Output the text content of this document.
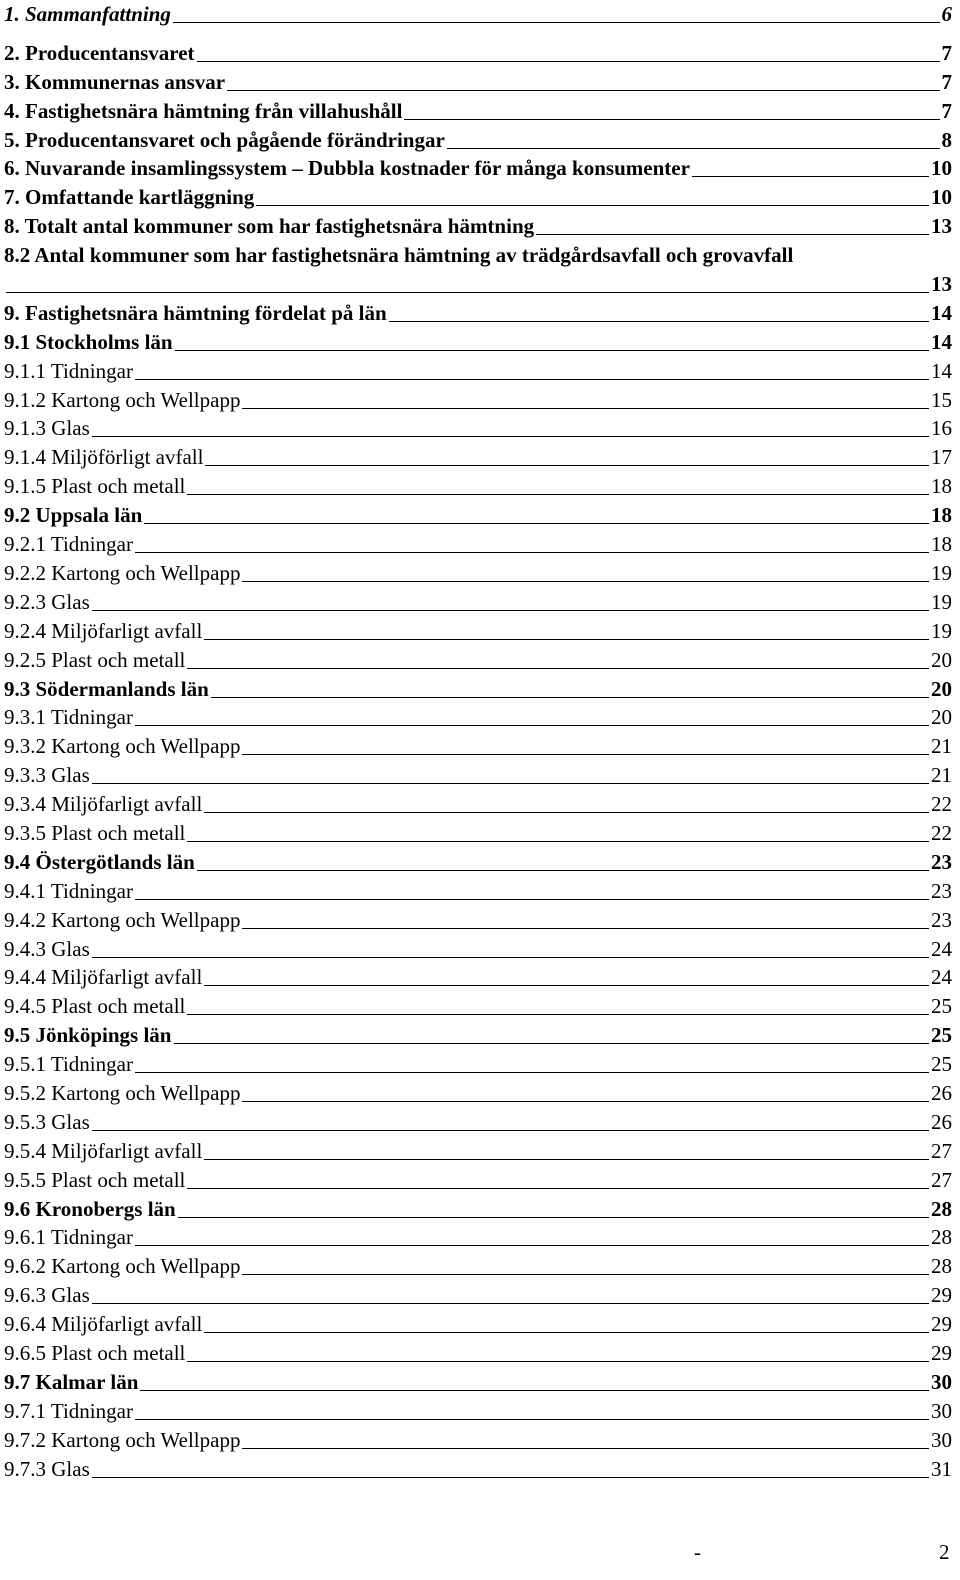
1. Sammanfattning	6
2. Producentansvaret	7
3. Kommunernas ansvar	7
4. Fastighetsnära hämtning från villahushåll	7
5. Producentansvaret och pågående förändringar	8
6. Nuvarande insamlingssystem – Dubbla kostnader för många konsumenter	10
7. Omfattande kartläggning	10
8. Totalt antal kommuner som har fastighetsnära hämtning	13
8.2 Antal kommuner som har fastighetsnära hämtning av trädgårdsavfall och grovavfall
13
9. Fastighetsnära hämtning fördelat på län	14
9.1 Stockholms län	14
9.1.1 Tidningar	14
9.1.2 Kartong och Wellpapp	15
9.1.3 Glas	16
9.1.4 Miljöförligt avfall	17
9.1.5 Plast och metall	18
9.2 Uppsala län	18
9.2.1 Tidningar	18
9.2.2 Kartong och Wellpapp	19
9.2.3 Glas	19
9.2.4 Miljöfarligt avfall	19
9.2.5 Plast och metall	20
9.3 Södermanlands län	20
9.3.1 Tidningar	20
9.3.2 Kartong och Wellpapp	21
9.3.3 Glas	21
9.3.4 Miljöfarligt avfall	22
9.3.5 Plast och metall	22
9.4 Östergötlands län	23
9.4.1 Tidningar	23
9.4.2 Kartong och Wellpapp	23
9.4.3 Glas	24
9.4.4 Miljöfarligt avfall	24
9.4.5 Plast och metall	25
9.5 Jönköpings län	25
9.5.1 Tidningar	25
9.5.2 Kartong och Wellpapp	26
9.5.3 Glas	26
9.5.4 Miljöfarligt avfall	27
9.5.5 Plast och metall	27
9.6 Kronobergs län	28
9.6.1 Tidningar	28
9.6.2 Kartong och Wellpapp	28
9.6.3 Glas	29
9.6.4 Miljöfarligt avfall	29
9.6.5 Plast och metall	29
9.7 Kalmar län	30
9.7.1 Tidningar	30
9.7.2 Kartong och Wellpapp	30
9.7.3 Glas	31
-	2
